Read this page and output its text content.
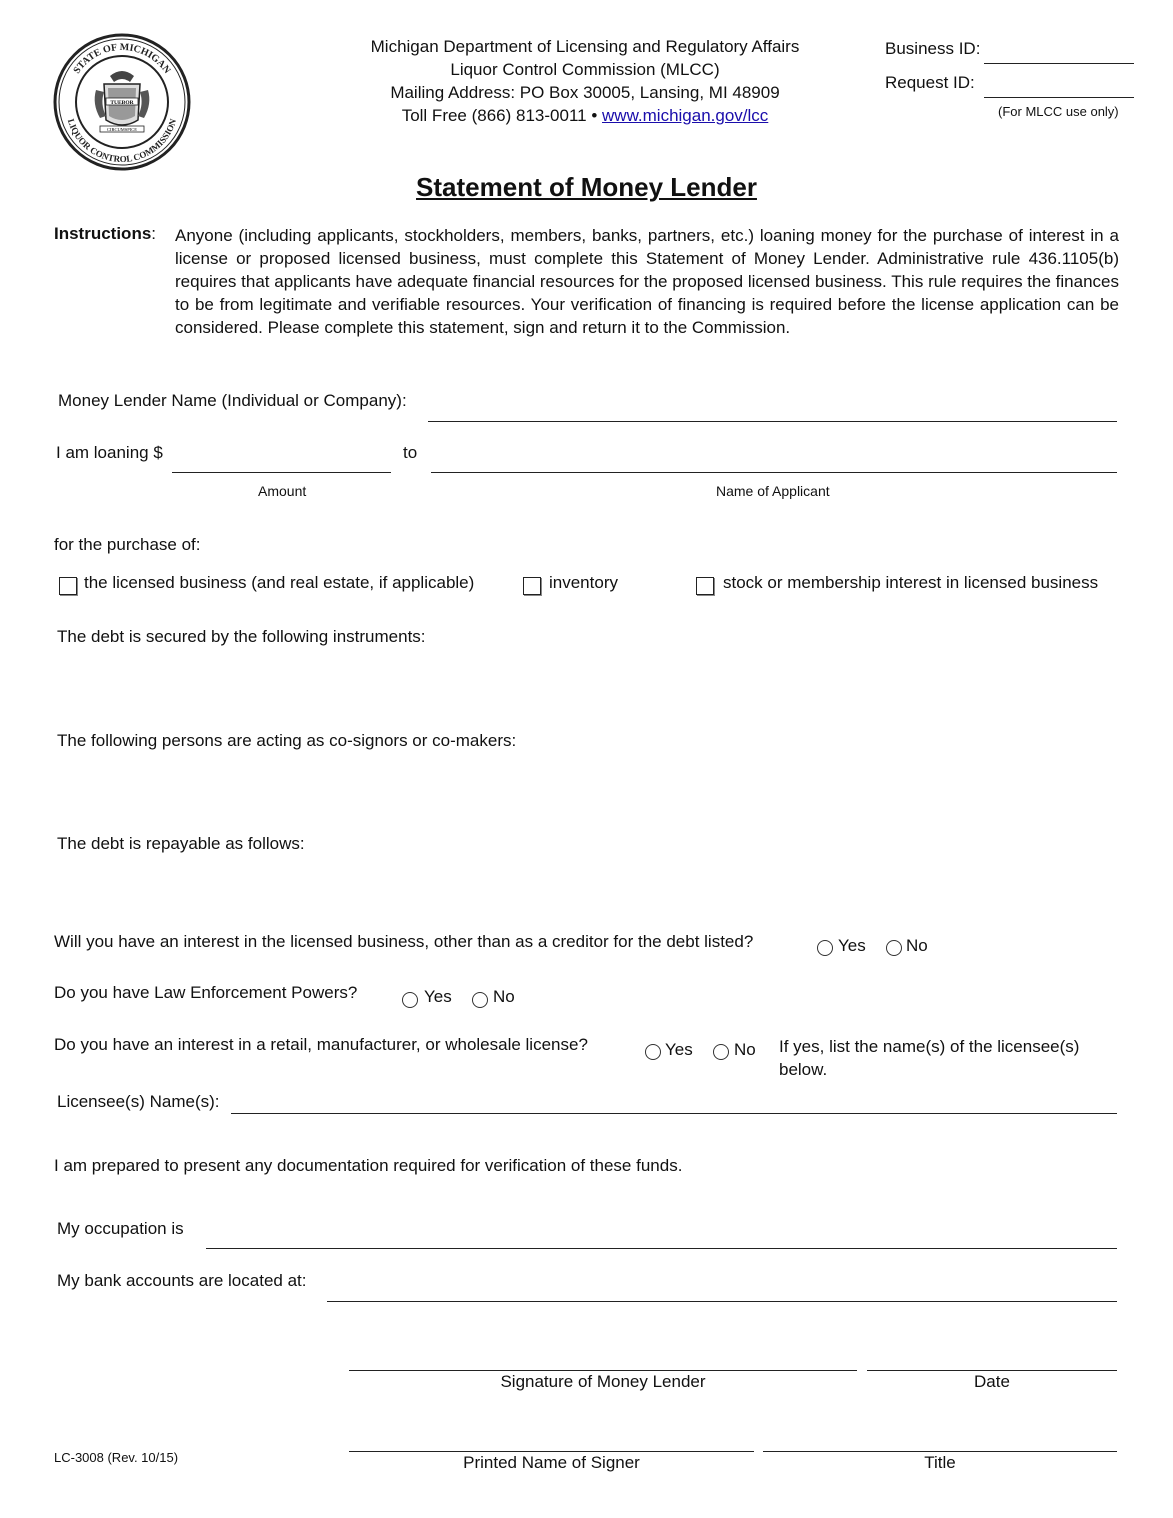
STATE OF MICHIGAN
LIQUOR CONTROL COMMISSION
TUEBOR
CIRCUMSPICE
Michigan Department of Licensing and Regulatory Affairs
Liquor Control Commission (MLCC)
Mailing Address: PO Box 30005, Lansing, MI 48909
Toll Free (866) 813-0011 • www.michigan.gov/lcc
Business ID:
Request ID:
(For MLCC use only)
Statement of Money Lender
Instructions: Anyone (including applicants, stockholders, members, banks, partners, etc.) loaning money for the purchase of interest in a license or proposed licensed business, must complete this Statement of Money Lender. Administrative rule 436.1105(b) requires that applicants have adequate financial resources for the proposed licensed business. This rule requires the finances to be from legitimate and verifiable resources. Your verification of financing is required before the license application can be considered. Please complete this statement, sign and return it to the Commission.
Money Lender Name (Individual or Company):
I am loaning $	to
Amount	Name of Applicant
for the purchase of:
the licensed business (and real estate, if applicable)	inventory	stock or membership interest in licensed business
The debt is secured by the following instruments:
The following persons are acting as co-signors or co-makers:
The debt is repayable as follows:
Will you have an interest in the licensed business, other than as a creditor for the debt listed?	Yes No
Do you have Law Enforcement Powers?	Yes No
Do you have an interest in a retail, manufacturer, or wholesale license?	Yes No If yes, list the name(s) of the licensee(s)
below.
Licensee(s) Name(s):
I am prepared to present any documentation required for verification of these funds.
My occupation is
My bank accounts are located at:
Signature of Money Lender	Date
Printed Name of Signer	Title
LC-3008 (Rev. 10/15)
